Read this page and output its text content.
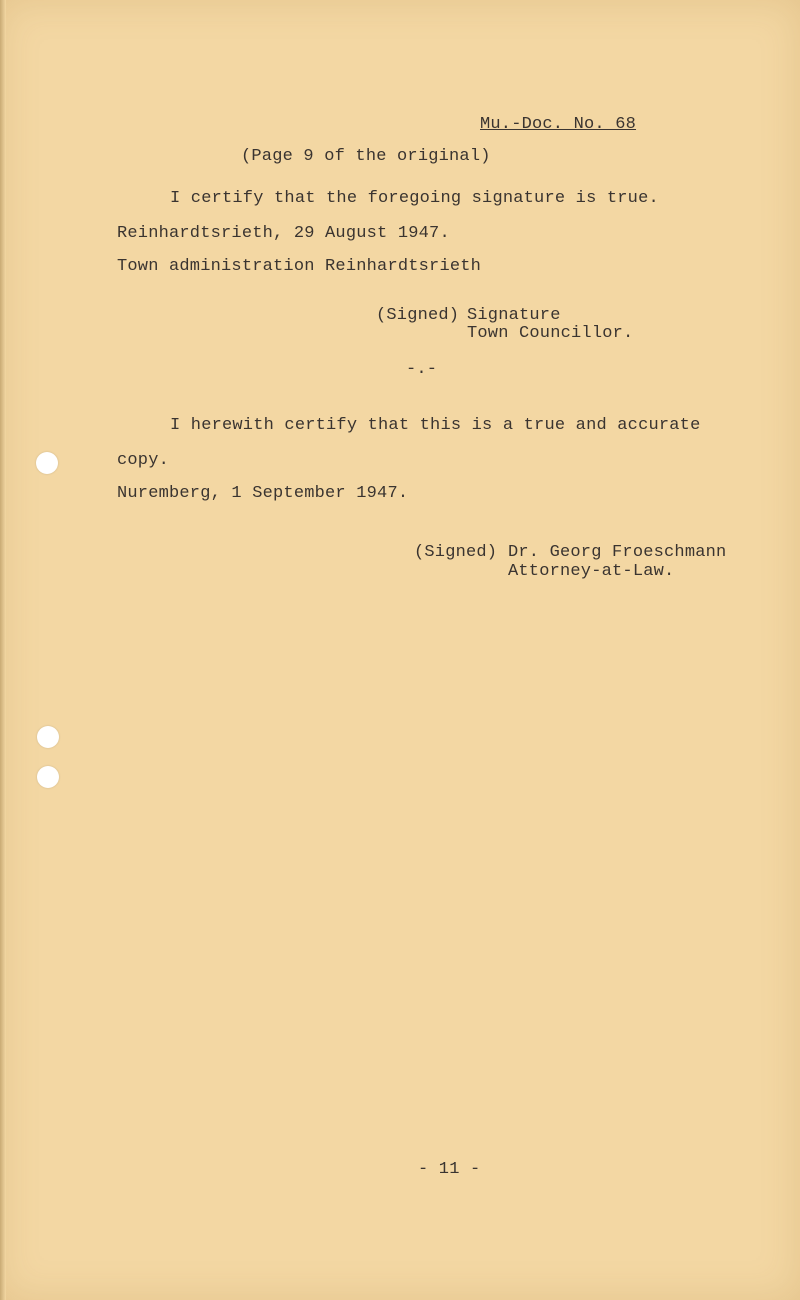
Mu.-Doc. No. 68
(Page 9 of the original)
I certify that the foregoing signature is true.
Reinhardtsrieth, 29 August 1947.
Town administration Reinhardtsrieth
(Signed) Signature
Town Councillor.
-.-
I herewith certify that this is a true and accurate
copy.
Nuremberg, 1 September 1947.
(Signed) Dr. Georg Froeschmann
Attorney-at-Law.
- 11 -
